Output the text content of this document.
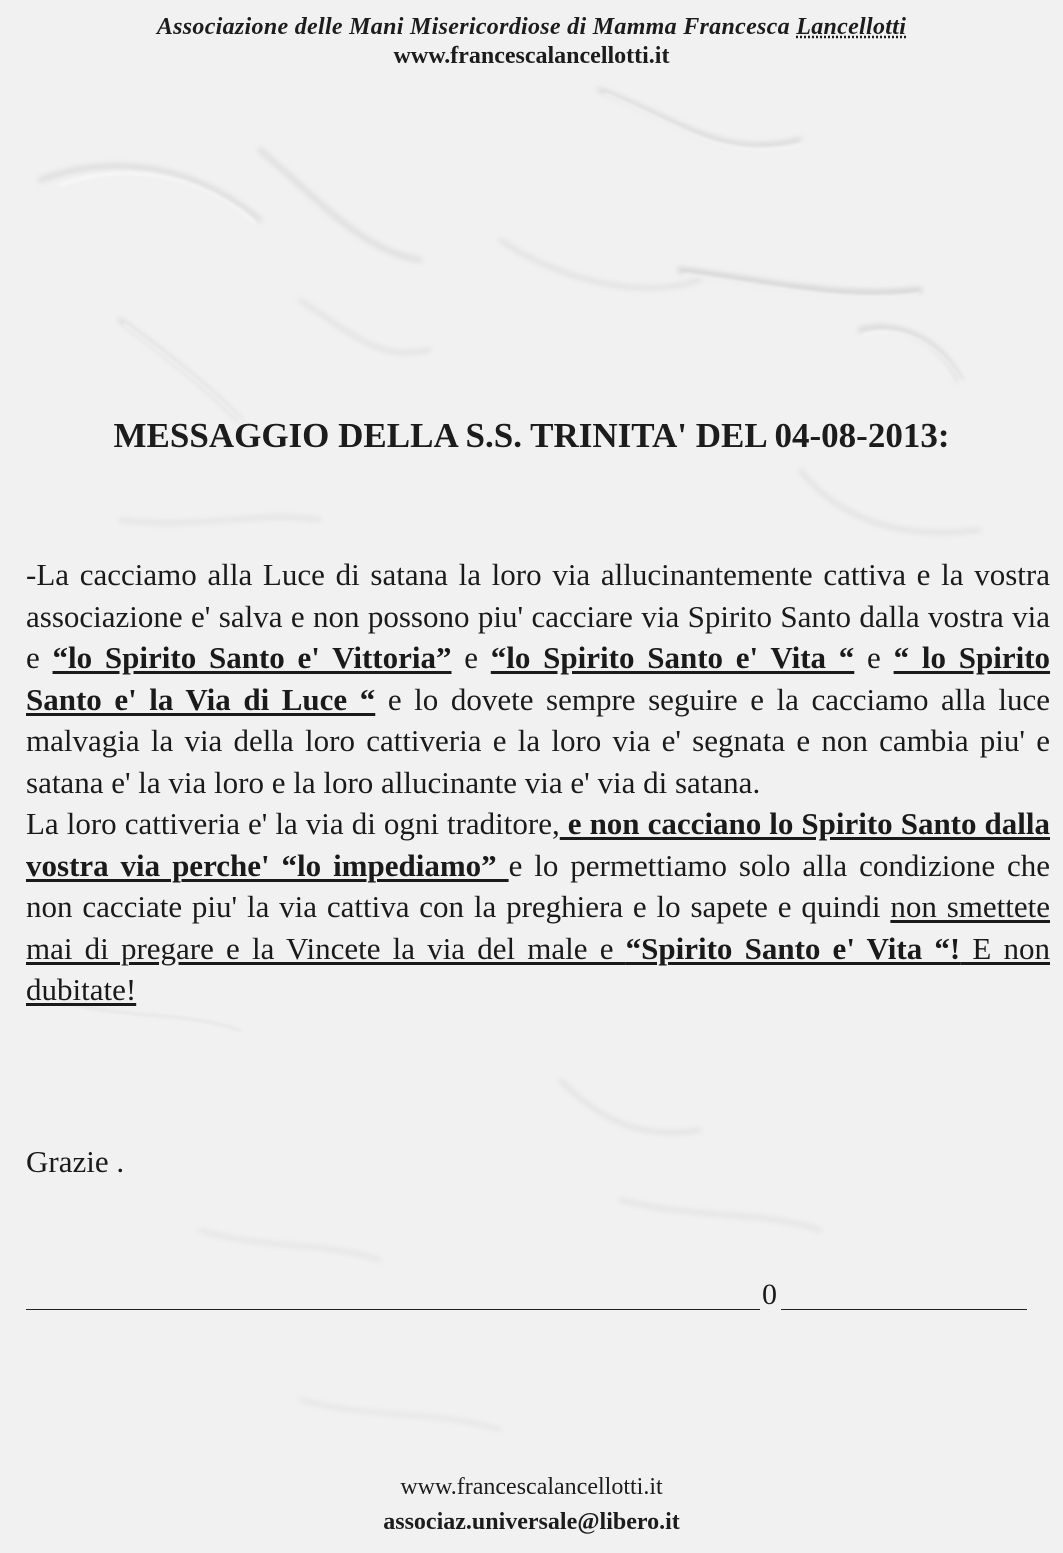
Associazione delle Mani Misericordiose di Mamma Francesca Lancellotti
www.francescalancellotti.it
MESSAGGIO DELLA S.S. TRINITA' DEL 04-08-2013:

-La cacciamo alla Luce di satana la loro via allucinantemente cattiva e la vostra associazione e' salva e non possono piu' cacciare via Spirito Santo dalla vostra via e “lo Spirito Santo e' Vittoria” e “lo Spirito Santo e' Vita “ e “ lo Spirito Santo e' la Via di Luce “ e lo dovete sempre seguire e la cacciamo alla luce malvagia la via della loro cattiveria e la loro via e' segnata e non cambia piu' e satana e' la via loro e la loro allucinante via e' via di satana.

La loro cattiveria e' la via di ogni traditore, e non cacciano lo Spirito Santo dalla vostra via perche' “lo impediamo” e lo permettiamo solo alla condizione che non cacciate piu' la via cattiva con la preghiera e lo sapete e quindi non smettete mai di pregare e la Vincete la via del male e “Spirito Santo e' Vita “! E non dubitate!

Grazie .
0
www.francescalancellotti.it
associaz.universale@libero.it
